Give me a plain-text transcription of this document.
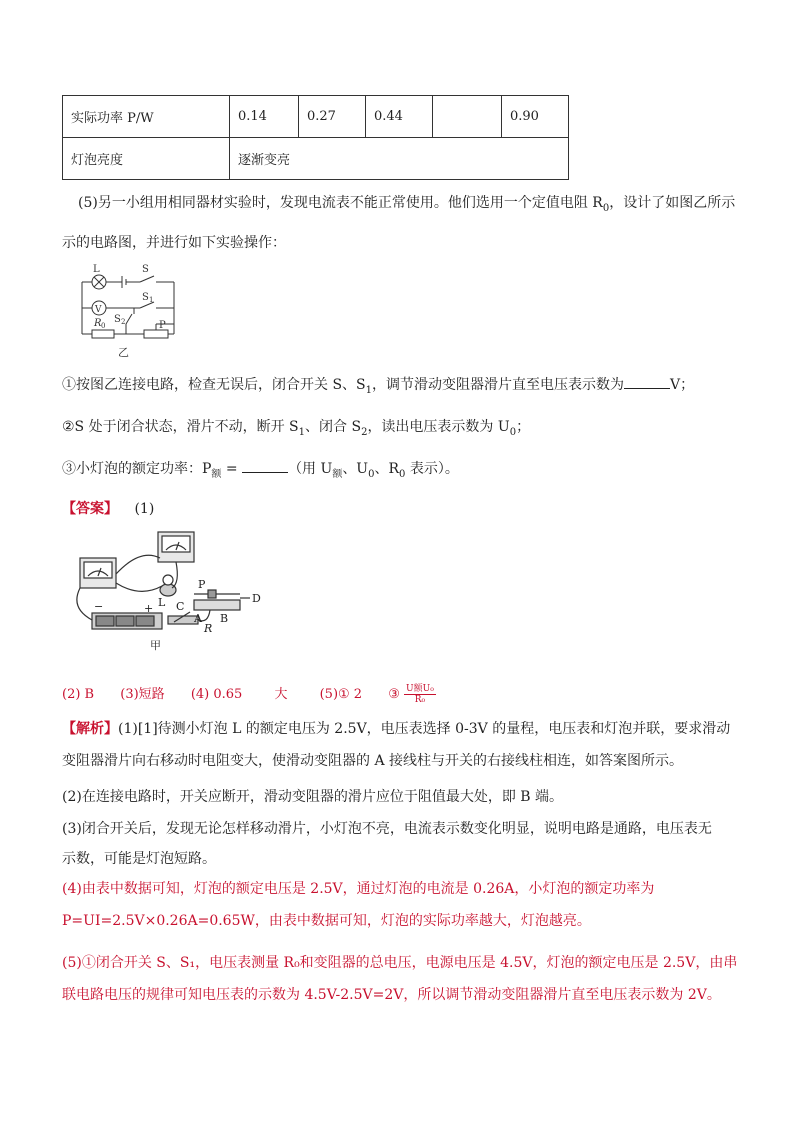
实际功率 P/W	0.14	0.27	0.44		0.90
灯泡亮度	逐渐变亮				
(5)另一小组用相同器材实验时，发现电流表不能正常使用。他们选用一个定值电阻 $R_0$，设计了如图乙所示
示的电路图，并进行如下实验操作：
L	S
S 1
V
S 2
R 0	P
乙
①按图乙连接电路，检查无误后，闭合开关 S、$S_1$，调节滑动变阻器滑片直至电压表示数为	V；
②S 处于闭合状态，滑片不动，断开 $S_1$、闭合 $S_2$，读出电压表示数为 $U_0$；
③小灯泡的额定功率：$P_额$ =	（用 $U_额$、$U_0$、$R_0$ 表示）。
【答案】 (1)
P
D
L C
A B
R
+
−
甲
(2) B (3)短路 (4) 0.65 大 (5)① 2 ③ $\frac{\text{U额U₀}}{\text{R₀}}$
【解析】(1)[1]待测小灯泡 L 的额定电压为 2.5V，电压表选择 0-3V 的量程，电压表和灯泡并联，要求滑动
变阻器滑片向右移动时电阻变大，使滑动变阻器的 A 接线柱与开关的右接线柱相连，如答案图所示。
(2)在连接电路时，开关应断开，滑动变阻器的滑片应位于阻值最大处，即 B 端。
(3)闭合开关后，发现无论怎样移动滑片，小灯泡不亮，电流表示数变化明显，说明电路是通路，电压表无
示数，可能是灯泡短路。
(4)由表中数据可知，灯泡的额定电压是 2.5V，通过灯泡的电流是 0.26A，小灯泡的额定功率为
P=UI=2.5V×0.26A=0.65W，由表中数据可知，灯泡的实际功率越大，灯泡越亮。
(5)①闭合开关 S、S₁，电压表测量 R₀和变阻器的总电压，电源电压是 4.5V，灯泡的额定电压是 2.5V，由串
联电路电压的规律可知电压表的示数为 4.5V-2.5V=2V，所以调节滑动变阻器滑片直至电压表示数为 2V。
